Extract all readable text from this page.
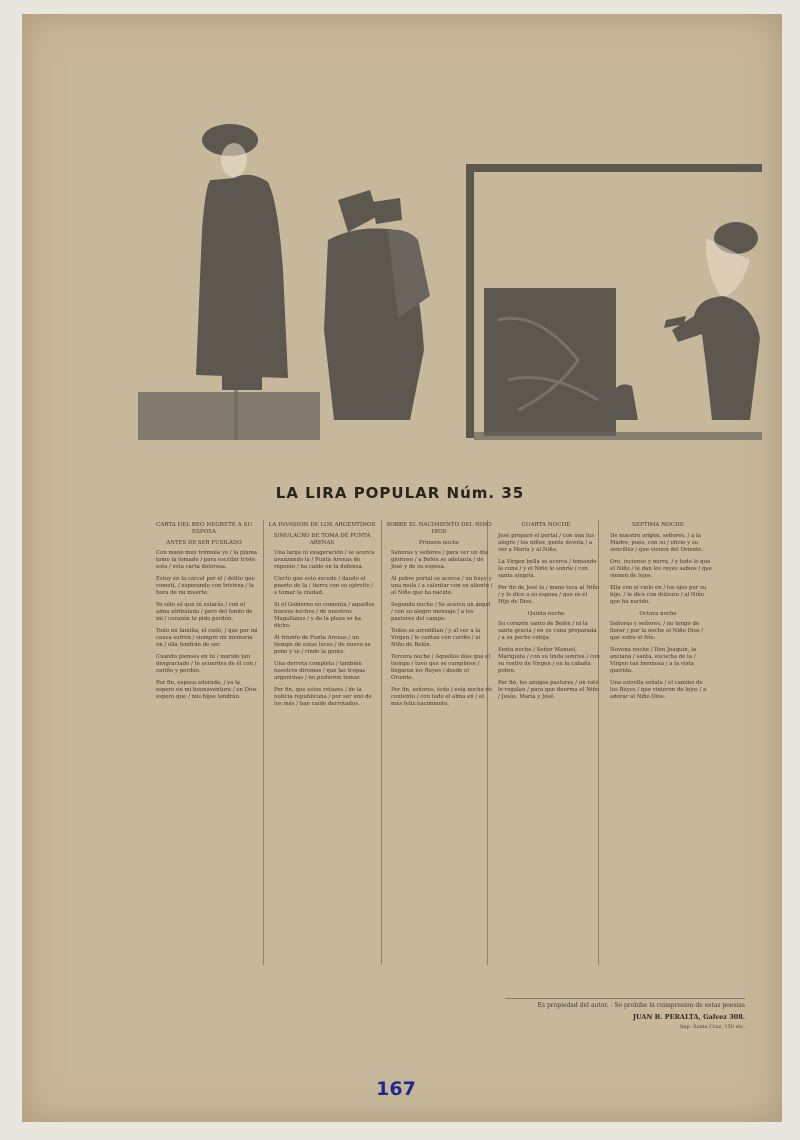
LA LIRA POPULAR Núm. 35
CARTA DEL REO NEGRETE A SU ESPOSA
ANTES DE SER FUSILADO

Con mano muy trémula yo / la pluma tomo la tomado / para escribir triste esta / esta carta dolorosa.

Estoy en la cárcel por el / delito que cometí, / esperando con tristeza / la hora de mi muerte.

Yo sólo sé que tú estarás / con el alma atribulada / pero del fondo de mi / corazón te pido perdón.

Todo mi familia, el cielo, / que por mi causa sufren / siempre mi memoria en / ella tendrán de ser.

Cuando pienses en tu / marido tan desgraciado / te acuerdes de él con / cariño y perdón.

Por fin, esposa adorada, / ya la espero en mi buenaventura / en Dios espero que / mis hijos tendrán.

LA INVASIÓN DE LOS ARGENTINOS
SIMULACRO DE TOMA DE PUNTA ARENAS

Una larga ni exageración / se acerca avanzando la / Punta Arenas de repente / ha caído en la defensa.

Cierto que esto sucede / dando el puerto de la / tierra con su ejército / a tomar la ciudad.

Si el Gobierno no comenta / aquellos buenos hechos / de nuestros Magallanes / y de la plaza se ha dicho.

Al triunfo de Punta Arenas / un tiempo de estas luces / de nuevo se pone y se / rinde la gente.

Una derrota completa / también nosotros diremos / que las tropas argentinas / no pudieron tomar.

Por fin, que estos retazos / de la noticia republicana / por ser uno de los más / han caído derrotados.

SOBRE EL NACIMIENTO DEL NIÑO DIOS
Primera noche

Señoras y señores / para ver un día glorioso / a Belén se adelanta / de José y de su esposa.

Al pobre portal se acerca / un buey y una mula / a calentar con su aliento / al Niño que ha nacido.

Segunda noche / Se acerca un ángel / con su alegre mensaje / a los pastores del campo.

Todos se arrodillan / y al ver a la Virgen / le cantan con cariño / al Niño de Belén.

Tercera noche / Aquellos días que el tiempo / tuvo que se cumpliese / llegaron los Reyes / desde el Oriente.

Por fin, señores, toda / esta noche de contento / con todo el alma en / el más feliz nacimiento.

CUARTA NOCHE

José preparó el portal / con una luz alegre / los niños, gente devota / a ver a María y al Niño.

La Virgen bella se acerca / tomando la cuna / y el Niño le sonríe / con santa alegría.

Por fin de José la / mano toca al Niño / y le dice a su esposa / que es el Hijo de Dios.

Quinta noche

Su corazón santo de Belén / ni la santa gracia / en su cuna preparada / a su pecho cobija.

Sexta noche / Señor Manuel, Mariquita / con su linda sonrisa / con su rostro de Virgen / en la cabaña pobre.

Por fin, los amigos pastores / un rato le regalan / para que duerma el Niño / Jesús, María y José.

SÉPTIMA NOCHE

De nuestro origen, señores, / a la Madre, pues, con su / oficio y su sencillez / que vienen del Oriente.

Oro, incienso y mirra, / y todo lo que el Niño / le dan los reyes sabios / que vienen de lejos.

Ella con el cielo en / los ojos por su hijo, / le dice con dulzura / al Niño que ha nacido.

Octava noche

Señoras y señores, / no tengo de llorar / por la noche el Niño Dios / que sufre el frío.

Novena noche / Don Joaquín, la anciana / santa, escucha de la / Virgen tan hermosa / a la vista querida.

Una estrella señala / el camino de los Reyes / que vinieron de lejos / a adorar al Niño Dios.

Es propiedad del autor. - Se prohibe la reimpresión de estas poesías
JUAN B. PERALTA, Galvez 308.
Imp. Santa Cruz, 150 etc.
167
